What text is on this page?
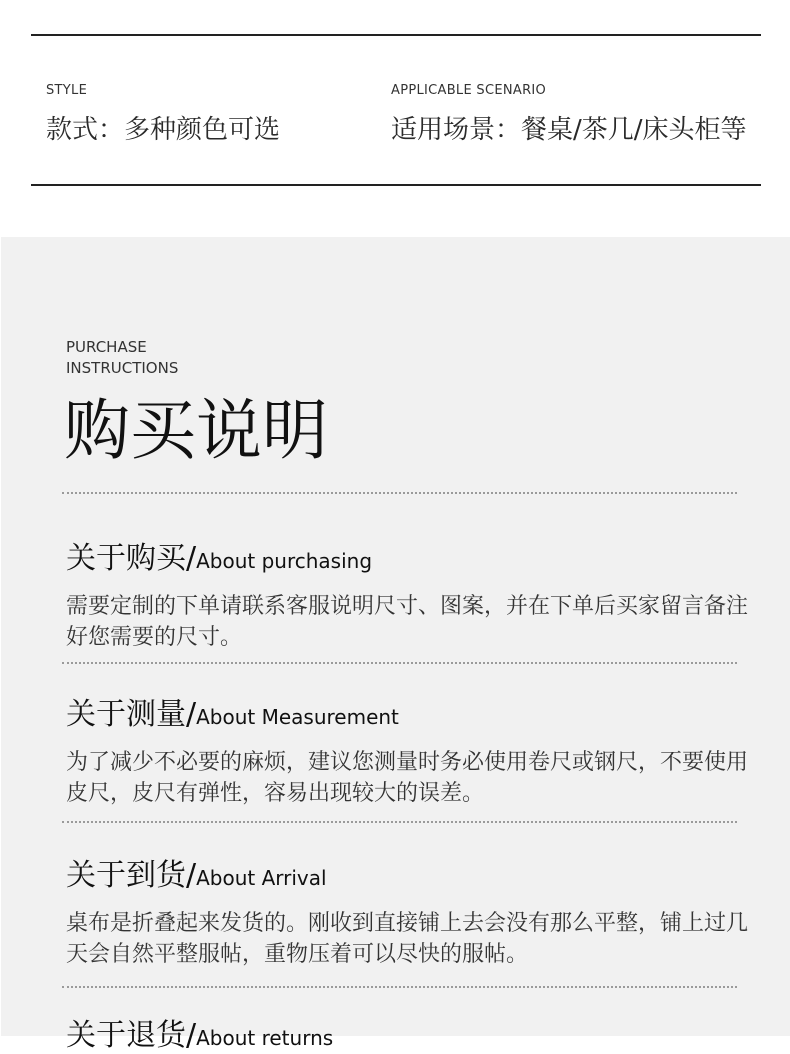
STYLE
款式：多种颜色可选
APPLICABLE SCENARIO
适用场景：餐桌/茶几/床头柜等
PURCHASE
INSTRUCTIONS
购买说明
关于购买/About purchasing
需要定制的下单请联系客服说明尺寸、图案，并在下单后买家留言备注好您需要的尺寸。
关于测量/About Measurement
为了减少不必要的麻烦，建议您测量时务必使用卷尺或钢尺，不要使用皮尺，皮尺有弹性，容易出现较大的误差。
关于到货/About Arrival
桌布是折叠起来发货的。刚收到直接铺上去会没有那么平整，铺上过几天会自然平整服帖，重物压着可以尽快的服帖。
关于退货/About returns
